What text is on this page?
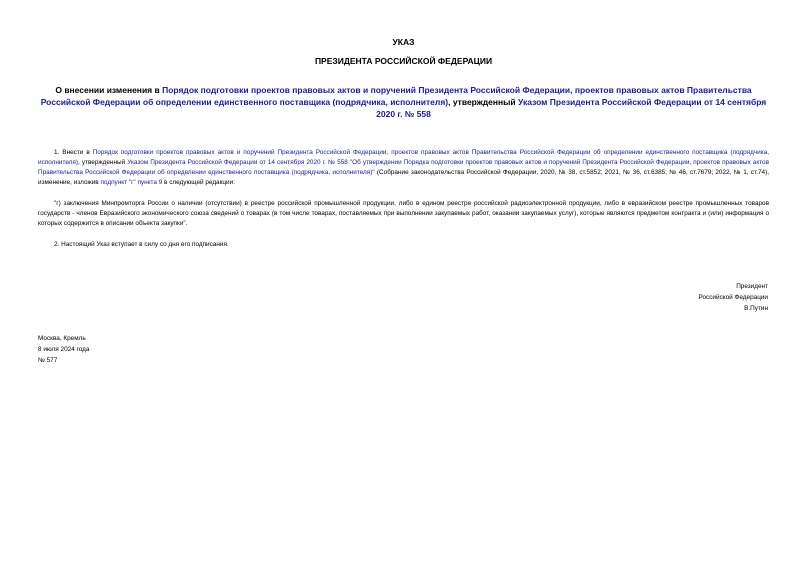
УКАЗ
ПРЕЗИДЕНТА РОССИЙСКОЙ ФЕДЕРАЦИИ
О внесении изменения в Порядок подготовки проектов правовых актов и поручений Президента Российской Федерации, проектов правовых актов Правительства Российской Федерации об определении единственного поставщика (подрядчика, исполнителя), утвержденный Указом Президента Российской Федерации от 14 сентября 2020 г. № 558

1. Внести в Порядок подготовки проектов правовых актов и поручений Президента Российской Федерации, проектов правовых актов Правительства Российской Федерации об определении единственного поставщика (подрядчика, исполнителя), утвержденный Указом Президента Российской Федерации от 14 сентября 2020 г. № 558 "Об утверждении Порядка подготовки проектов правовых актов и поручений Президента Российской Федерации, проектов правовых актов Правительства Российской Федерации об определении единственного поставщика (подрядчика, исполнителя)" (Собрание законодательства Российской Федерации, 2020, № 38, ст.5852; 2021, № 36, ст.6385; № 46, ст.7679; 2022, № 1, ст.74), изменение, изложив подпункт "г" пункта 9 в следующей редакции:

"г) заключения Минпромторга России о наличии (отсутствии) в реестре российской промышленной продукции, либо в едином реестре российской радиоэлектронной продукции, либо в евразийском реестре промышленных товаров государств - членов Евразийского экономического союза сведений о товарах (в том числе товарах, поставляемых при выполнении закупаемых работ, оказании закупаемых услуг), которые являются предметом контракта и (или) информация о которых содержится в описании объекта закупки".

2. Настоящий Указ вступает в силу со дня его подписания.

Президент
Российской Федерации
В.Путин
Москва, Кремль
8 июля 2024 года
№ 577
